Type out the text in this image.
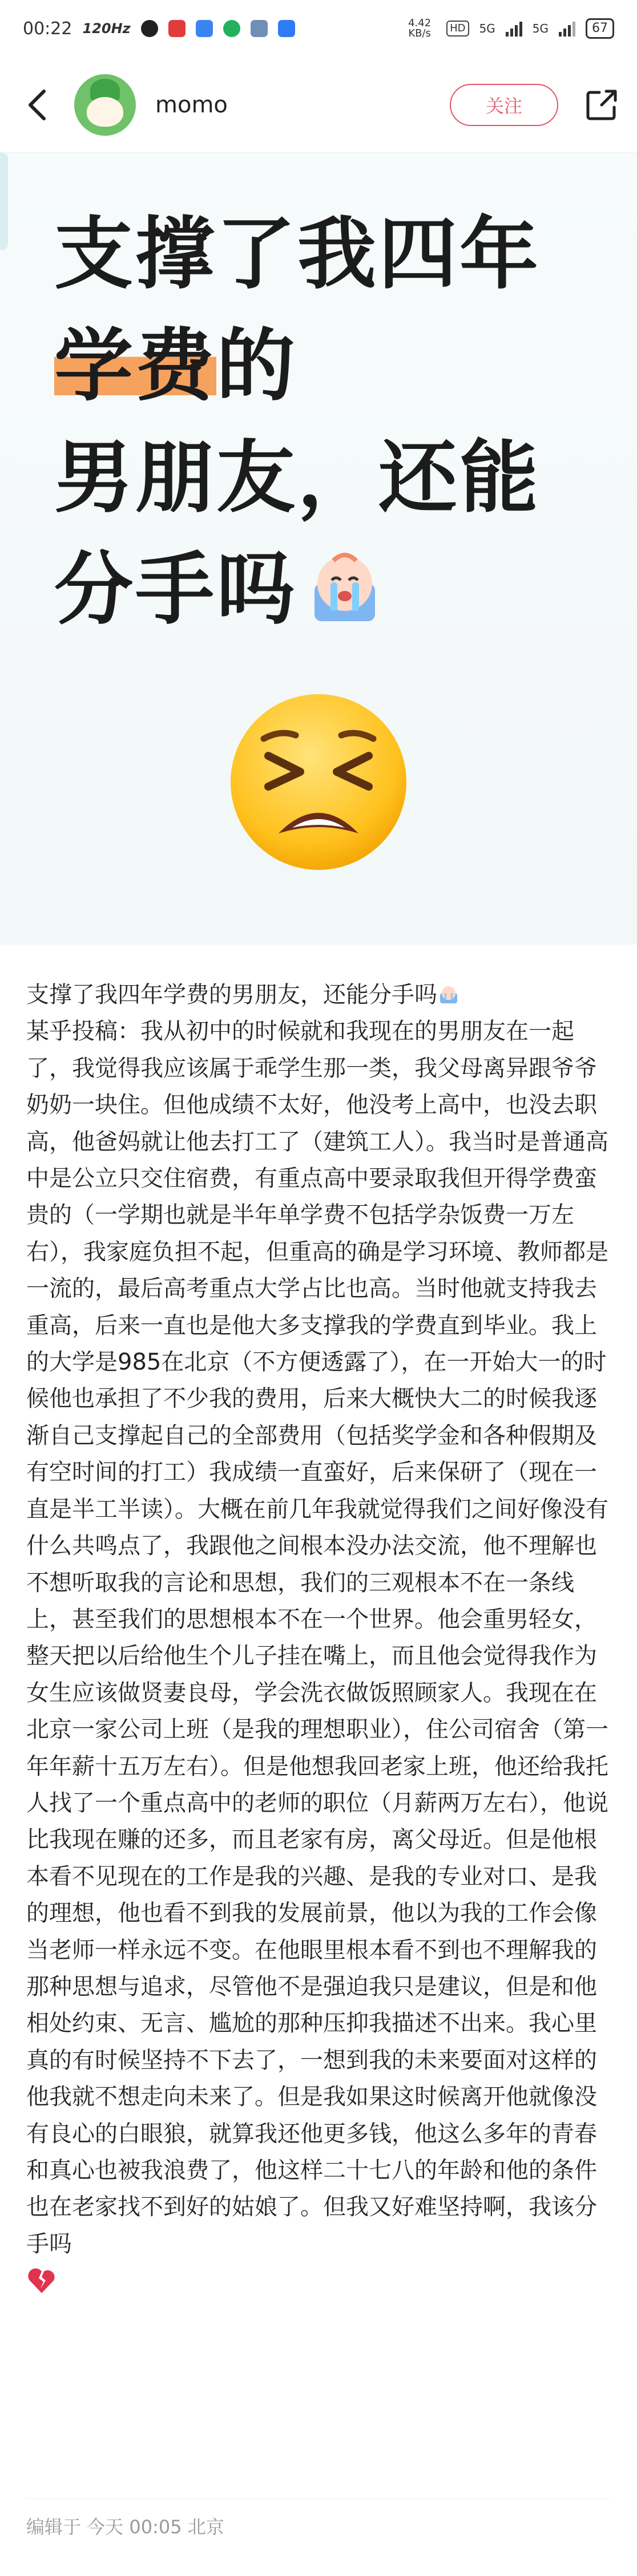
00:22 120Hz	4.42 KB/s	HD	5G	5G	67
momo	关注
支撑了我四年
学费的
男朋友，还能
分手吗

支撑了我四年学费的男朋友，还能分手吗

某乎投稿：我从初中的时候就和我现在的男朋友在一起了，我觉得我应该属于乖学生那一类，我父母离异跟爷爷奶奶一块住。但他成绩不太好，他没考上高中，也没去职高，他爸妈就让他去打工了（建筑工人）。我当时是普通高中是公立只交住宿费，有重点高中要录取我但开得学费蛮贵的（一学期也就是半年单学费不包括学杂饭费一万左右），我家庭负担不起，但重高的确是学习环境、教师都是一流的，最后高考重点大学占比也高。当时他就支持我去重高，后来一直也是他大多支撑我的学费直到毕业。我上的大学是985在北京（不方便透露了），在一开始大一的时候他也承担了不少我的费用，后来大概快大二的时候我逐渐自己支撑起自己的全部费用（包括奖学金和各种假期及有空时间的打工）我成绩一直蛮好，后来保研了（现在一直是半工半读）。大概在前几年我就觉得我们之间好像没有什么共鸣点了，我跟他之间根本没办法交流，他不理解也不想听取我的言论和思想，我们的三观根本不在一条线上，甚至我们的思想根本不在一个世界。他会重男轻女，整天把以后给他生个儿子挂在嘴上，而且他会觉得我作为女生应该做贤妻良母，学会洗衣做饭照顾家人。我现在在北京一家公司上班（是我的理想职业），住公司宿舍（第一年年薪十五万左右）。但是他想我回老家上班，他还给我托人找了一个重点高中的老师的职位（月薪两万左右），他说比我现在赚的还多，而且老家有房，离父母近。但是他根本看不见现在的工作是我的兴趣、是我的专业对口、是我的理想，他也看不到我的发展前景，他以为我的工作会像当老师一样永远不变。在他眼里根本看不到也不理解我的那种思想与追求，尽管他不是强迫我只是建议，但是和他相处约束、无言、尴尬的那种压抑我描述不出来。我心里真的有时候坚持不下去了，一想到我的未来要面对这样的他我就不想走向未来了。但是我如果这时候离开他就像没有良心的白眼狼，就算我还他更多钱，他这么多年的青春和真心也被我浪费了，他这样二十七八的年龄和他的条件也在老家找不到好的姑娘了。但我又好难坚持啊，我该分手吗

编辑于 今天 00:05 北京
